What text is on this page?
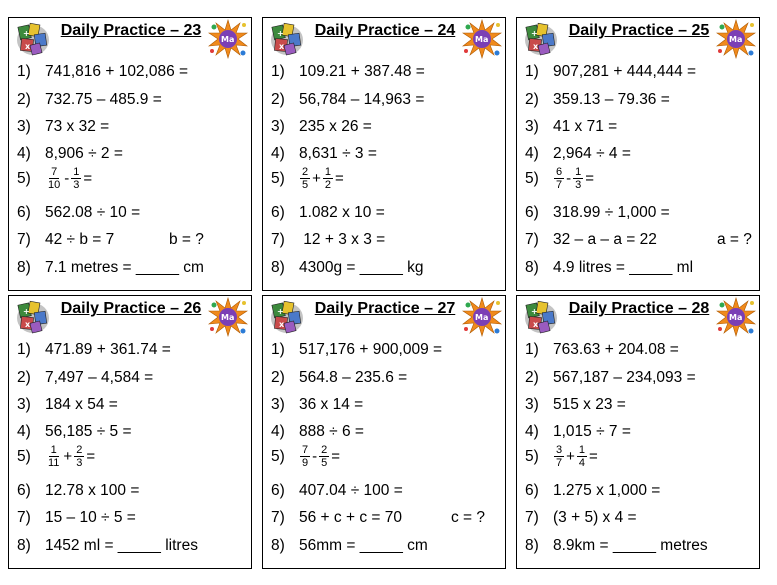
+
x
Daily Practice – 23
Ma
1) 741,816 + 102,086 =
2) 732.75 – 485.9 =
3) 73 x 32 =
4) 8,906 ÷ 2 =
$5) \frac{7}{10} - \frac{1}{3}$ =
6) 562.08 ÷ 10 =
7) 42 ÷ b = 7	b = ?
8) 7.1 metres = _____ cm
+
x
Daily Practice – 24
Ma
1) 109.21 + 387.48 =
2) 56,784 – 14,963 =
3) 235 x 26 =
4) 8,631 ÷ 3 =
$5) \frac{2}{5} + \frac{1}{2}$ =
6) 1.082 x 10 =
7) 12 + 3 x 3 =
8) 4300g = _____ kg
+
x
Daily Practice – 25
Ma
1) 907,281 + 444,444 =
2) 359.13 – 79.36 =
3) 41 x 71 =
4) 2,964 ÷ 4 =
$5) \frac{6}{7} - \frac{1}{3}$ =
6) 318.99 ÷ 1,000 =
7) 32 – a – a = 22	a = ?
8) 4.9 litres = _____ ml
+
x
Daily Practice – 26
Ma
1) 471.89 + 361.74 =
2) 7,497 – 4,584 =
3) 184 x 54 =
4) 56,185 ÷ 5 =
$5) \frac{1}{11} + \frac{2}{3}$ =
6) 12.78 x 100 =
7) 15 – 10 ÷ 5 =
8) 1452 ml = _____ litres
+
x
Daily Practice – 27
Ma
1) 517,176 + 900,009 =
2) 564.8 – 235.6 =
3) 36 x 14 =
4) 888 ÷ 6 =
$5) \frac{7}{9} - \frac{2}{5}$ =
6) 407.04 ÷ 100 =
7) 56 + c + c = 70	c = ?
8) 56mm = _____ cm
+
x
Daily Practice – 28
Ma
1) 763.63 + 204.08 =
2) 567,187 – 234,093 =
3) 515 x 23 =
4) 1,015 ÷ 7 =
$5) \frac{3}{7} + \frac{1}{4}$ =
6) 1.275 x 1,000 =
7) (3 + 5) x 4 =
8) 8.9km = _____ metres
